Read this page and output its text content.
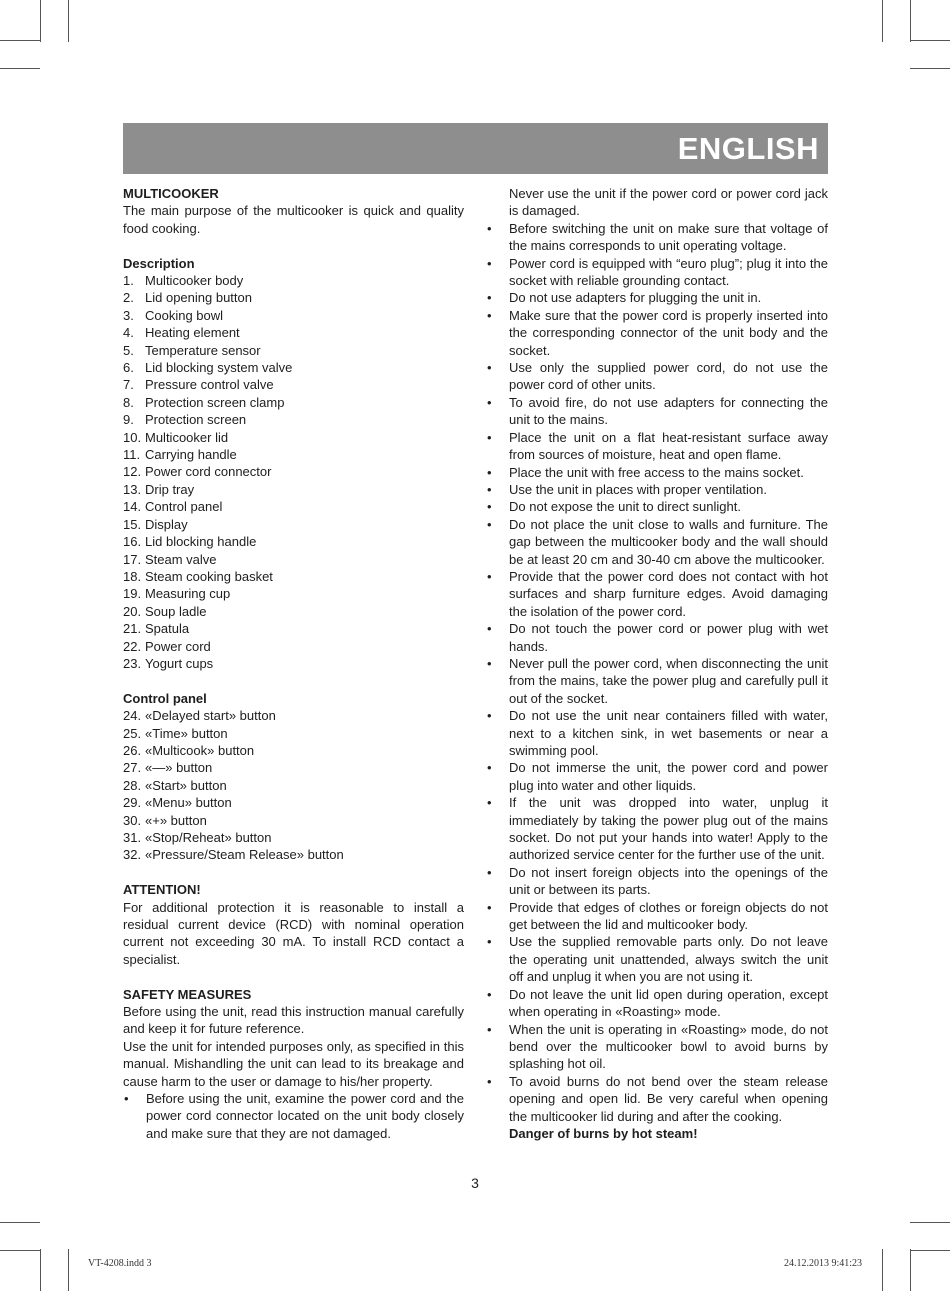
ENGLISH
MULTICOOKER
The main purpose of the multicooker is quick and quality food cooking.
Description
1. Multicooker body
2. Lid opening button
3. Cooking bowl
4. Heating element
5. Temperature sensor
6. Lid blocking system valve
7. Pressure control valve
8. Protection screen clamp
9. Protection screen
10. Multicooker lid
11. Carrying handle
12. Power cord connector
13. Drip tray
14. Control panel
15. Display
16. Lid blocking handle
17. Steam valve
18. Steam cooking basket
19. Measuring cup
20. Soup ladle
21. Spatula
22. Power cord
23. Yogurt cups
Control panel
24. «Delayed start» button
25. «Time» button
26. «Multicook» button
27. «—» button
28. «Start» button
29. «Menu» button
30. «+» button
31. «Stop/Reheat» button
32. «Pressure/Steam Release» button
ATTENTION!
For additional protection it is reasonable to install a residual current device (RCD) with nominal operation current not exceeding 30 mA. To install RCD contact a specialist.
SAFETY MEASURES
Before using the unit, read this instruction manual carefully and keep it for future reference.
Use the unit for intended purposes only, as specified in this manual. Mishandling the unit can lead to its breakage and cause harm to the user or damage to his/her property.
•	Before using the unit, examine the power cord and the power cord connector located on the unit body closely and make sure that they are not damaged.
Never use the unit if the power cord or power cord jack is damaged.
•	Before switching the unit on make sure that voltage of the mains corresponds to unit operating voltage.
•	Power cord is equipped with “euro plug”; plug it into the socket with reliable grounding contact.
•	Do not use adapters for plugging the unit in.
•	Make sure that the power cord is properly inserted into the corresponding connector of the unit body and the socket.
•	Use only the supplied power cord, do not use the power cord of other units.
•	To avoid fire, do not use adapters for connecting the unit to the mains.
•	Place the unit on a flat heat-resistant surface away from sources of moisture, heat and open flame.
•	Place the unit with free access to the mains socket.
•	Use the unit in places with proper ventilation.
•	Do not expose the unit to direct sunlight.
•	Do not place the unit close to walls and furniture. The gap between the multicooker body and the wall should be at least 20 cm and 30-40 cm above the multicooker.
•	Provide that the power cord does not contact with hot surfaces and sharp furniture edges. Avoid damaging the isolation of the power cord.
•	Do not touch the power cord or power plug with wet hands.
•	Never pull the power cord, when disconnecting the unit from the mains, take the power plug and carefully pull it out of the socket.
•	Do not use the unit near containers filled with water, next to a kitchen sink, in wet basements or near a swimming pool.
•	Do not immerse the unit, the power cord and power plug into water and other liquids.
•	If the unit was dropped into water, unplug it immediately by taking the power plug out of the mains socket. Do not put your hands into water! Apply to the authorized service center for the further use of the unit.
•	Do not insert foreign objects into the openings of the unit or between its parts.
•	Provide that edges of clothes or foreign objects do not get between the lid and multicooker body.
•	Use the supplied removable parts only. Do not leave the operating unit unattended, always switch the unit off and unplug it when you are not using it.
•	Do not leave the unit lid open during operation, except when operating in «Roasting» mode.
•	When the unit is operating in «Roasting» mode, do not bend over the multicooker bowl to avoid burns by splashing hot oil.
•	To avoid burns do not bend over the steam release opening and open lid. Be very careful when opening the multicooker lid during and after the cooking.
Danger of burns by hot steam!
3
VT-4208.indd 3	24.12.2013 9:41:23
